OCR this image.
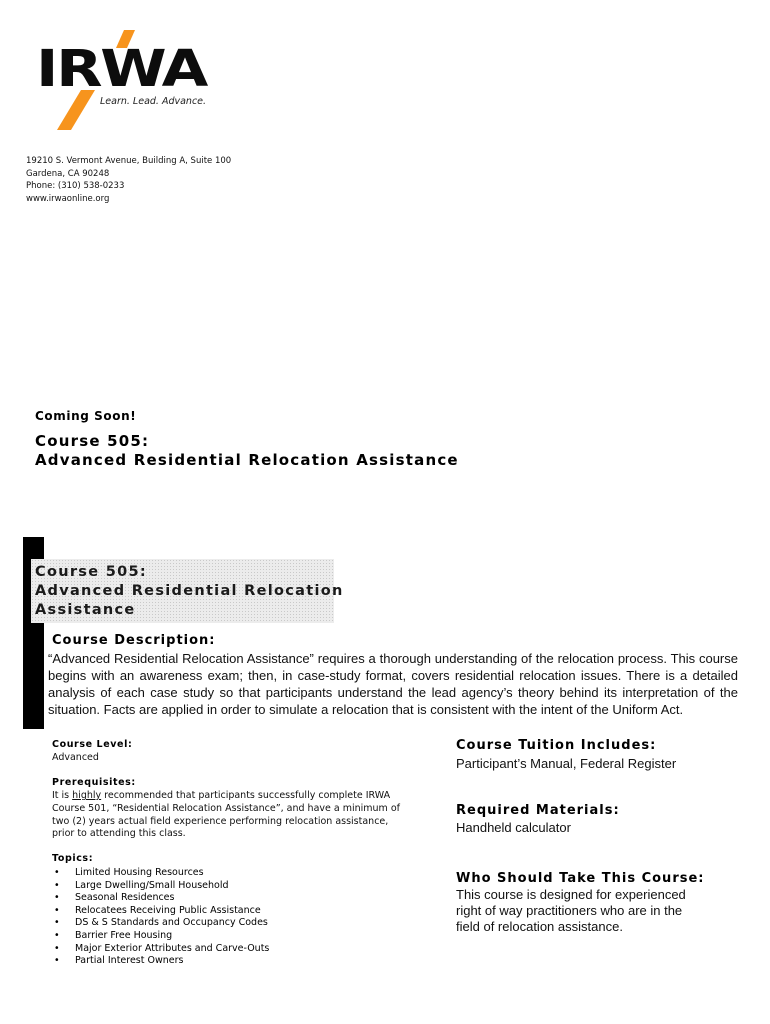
IRWA
Learn. Lead. Advance.
19210 S. Vermont Avenue, Building A, Suite 100
Gardena, CA 90248
Phone: (310) 538-0233
www.irwaonline.org
Coming Soon!
Course 505:
Advanced Residential Relocation Assistance
Course 505:
Advanced Residential Relocation
Assistance
Course Description:
“Advanced Residential Relocation Assistance” requires a thorough understanding of the relocation process. This course begins with an awareness exam; then, in case-study format, covers residential relocation issues. There is a detailed analysis of each case study so that participants understand the lead agency’s theory behind its interpretation of the situation. Facts are applied in order to simulate a relocation that is consistent with the intent of the Uniform Act.
Course Level:
Advanced
Prerequisites:
It is highly recommended that participants successfully complete IRWA
Course 501, “Residential Relocation Assistance”, and have a minimum of
two (2) years actual field experience performing relocation assistance,
prior to attending this class.
Topics:
• Limited Housing Resources
• Large Dwelling/Small Household
• Seasonal Residences
• Relocatees Receiving Public Assistance
• DS & S Standards and Occupancy Codes
• Barrier Free Housing
• Major Exterior Attributes and Carve-Outs
• Partial Interest Owners
Course Tuition Includes:
Participant’s Manual, Federal Register
Required Materials:
Handheld calculator
Who Should Take This Course:
This course is designed for experienced
right of way practitioners who are in the
field of relocation assistance.
